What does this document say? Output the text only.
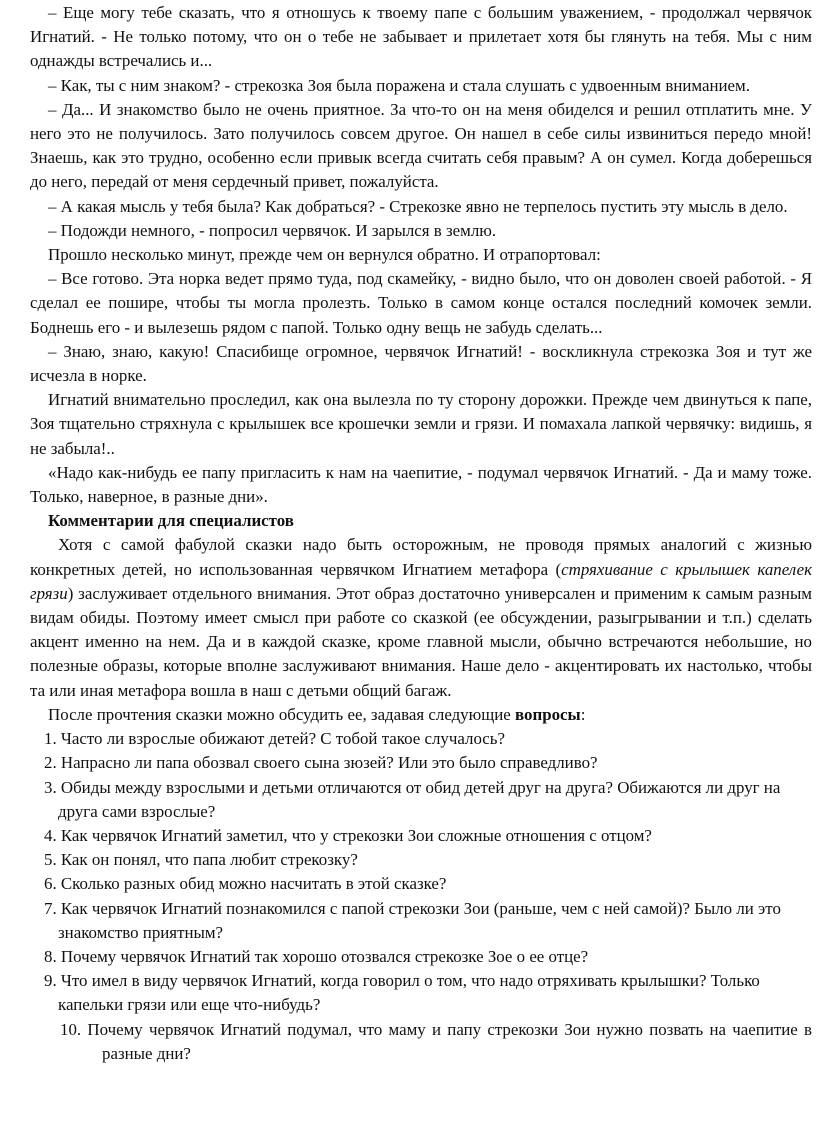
– Еще могу тебе сказать, что я отношусь к твоему папе с большим уважением, - продолжал червячок Игнатий. - Не только потому, что он о тебе не забывает и прилетает хотя бы глянуть на тебя. Мы с ним однажды встречались и...

– Как, ты с ним знаком? - стрекозка Зоя была поражена и стала слушать с удвоенным вниманием.

– Да... И знакомство было не очень приятное. За что-то он на меня обиделся и решил отплатить мне. У него это не получилось. Зато получилось совсем другое. Он нашел в себе силы извиниться передо мной! Знаешь, как это трудно, особенно если привык всегда считать себя правым? А он сумел. Когда доберешься до него, передай от меня сердечный привет, пожалуйста.

– А какая мысль у тебя была? Как добраться? - Стрекозке явно не терпелось пустить эту мысль в дело.

– Подожди немного, - попросил червячок. И зарылся в землю.

Прошло несколько минут, прежде чем он вернулся обратно. И отрапортовал:

– Все готово. Эта норка ведет прямо туда, под скамейку, - видно было, что он доволен своей работой. - Я сделал ее пошире, чтобы ты могла пролезть. Только в самом конце остался последний комочек земли. Боднешь его - и вылезешь рядом с папой. Только одну вещь не забудь сделать...

– Знаю, знаю, какую! Спасибище огромное, червячок Игнатий! - воскликнула стрекозка Зоя и тут же исчезла в норке.

Игнатий внимательно проследил, как она вылезла по ту сторону дорожки. Прежде чем двинуться к папе, Зоя тщательно стряхнула с крылышек все крошечки земли и грязи. И помахала лапкой червячку: видишь, я не забыла!..

«Надо как-нибудь ее папу пригласить к нам на чаепитие, - подумал червячок Игнатий. - Да и маму тоже. Только, наверное, в разные дни».

Комментарии для специалистов

Хотя с самой фабулой сказки надо быть осторожным, не проводя прямых аналогий с жизнью конкретных детей, но использованная червячком Игнатием метафора (стряхивание с крылышек капелек грязи) заслуживает отдельного внимания. Этот образ достаточно универсален и применим к самым разным видам обиды. Поэтому имеет смысл при работе со сказкой (ее обсуждении, разыгрывании и т.п.) сделать акцент именно на нем. Да и в каждой сказке, кроме главной мысли, обычно встречаются небольшие, но полезные образы, которые вполне заслуживают внимания. Наше дело - акцентировать их настолько, чтобы та или иная метафора вошла в наш с детьми общий багаж.

После прочтения сказки можно обсудить ее, задавая следующие вопросы:

1. Часто ли взрослые обижают детей? С тобой такое случалось?

2. Напрасно ли папа обозвал своего сына зюзей? Или это было справедливо?

3. Обиды между взрослыми и детьми отличаются от обид детей друг на друга? Обижаются ли друг на друга сами взрослые?

4. Как червячок Игнатий заметил, что у стрекозки Зои сложные отношения с отцом?

5. Как он понял, что папа любит стрекозку?

6. Сколько разных обид можно насчитать в этой сказке?

7. Как червячок Игнатий познакомился с папой стрекозки Зои (раньше, чем с ней самой)? Было ли это знакомство приятным?

8. Почему червячок Игнатий так хорошо отозвался стрекозке Зое о ее отце?

9. Что имел в виду червячок Игнатий, когда говорил о том, что надо отряхивать крылышки? Только капельки грязи или еще что-нибудь?

10. Почему червячок Игнатий подумал, что маму и папу стрекозки Зои нужно позвать на чаепитие в разные дни?
